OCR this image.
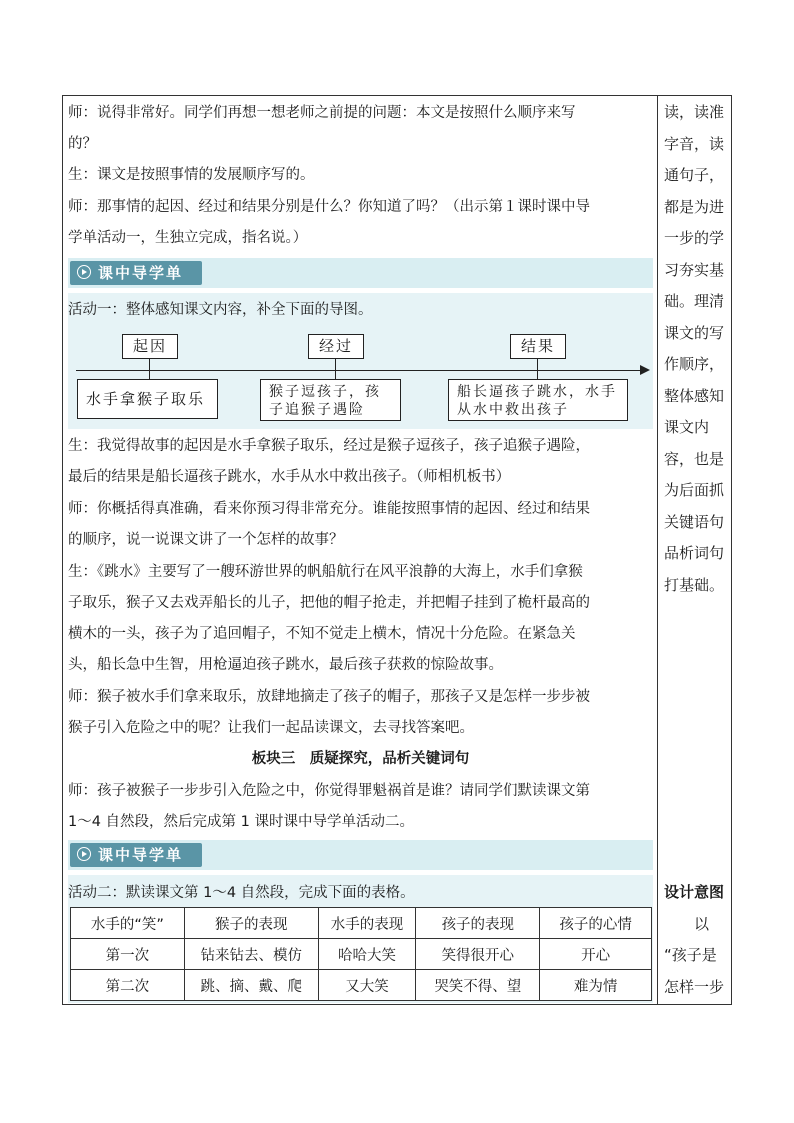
师：说得非常好。同学们再想一想老师之前提的问题：本文是按照什么顺序来写
的？
生：课文是按照事情的发展顺序写的。
师：那事情的起因、经过和结果分别是什么？你知道了吗？（出示第１课时课中导
学单活动一，生独立完成，指名说。）
课中导学单
活动一：整体感知课文内容，补全下面的导图。
起因
水手拿猴子取乐
经过
猴子逗孩子，孩子追猴子遇险
结果
船长逼孩子跳水，水手从水中救出孩子
生：我觉得故事的起因是水手拿猴子取乐，经过是猴子逗孩子，孩子追猴子遇险，
最后的结果是船长逼孩子跳水，水手从水中救出孩子。（师相机板书）
师：你概括得真准确，看来你预习得非常充分。谁能按照事情的起因、经过和结果
的顺序，说一说课文讲了一个怎样的故事？
生：《跳水》主要写了一艘环游世界的帆船航行在风平浪静的大海上，水手们拿猴
子取乐，猴子又去戏弄船长的儿子，把他的帽子抢走，并把帽子挂到了桅杆最高的
横木的一头，孩子为了追回帽子，不知不觉走上横木，情况十分危险。在紧急关
头，船长急中生智，用枪逼迫孩子跳水，最后孩子获救的惊险故事。
师：猴子被水手们拿来取乐，放肆地摘走了孩子的帽子，那孩子又是怎样一步步被
猴子引入危险之中的呢？让我们一起品读课文，去寻找答案吧。
板块三　质疑探究，品析关键词句
师：孩子被猴子一步步引入危险之中，你觉得罪魁祸首是谁？请同学们默读课文第
1～4 自然段，然后完成第 1 课时课中导学单活动二。
课中导学单
活动二：默读课文第 1～4 自然段，完成下面的表格。
水手的“笑”	猴子的表现	水手的表现	孩子的表现	孩子的心情
第一次	钻来钻去、模仿	哈哈大笑	笑得很开心	开心
第二次	跳、摘、戴、爬	又大笑	哭笑不得、望	难为情
读，读准
字音，读
通句子，
都是为进
一步的学
习夯实基
础。理清
课文的写
作顺序，
整体感知
课文内
容，也是
为后面抓
关键语句
品析词句
打基础。
设计意图
以
“孩子是
怎样一步
